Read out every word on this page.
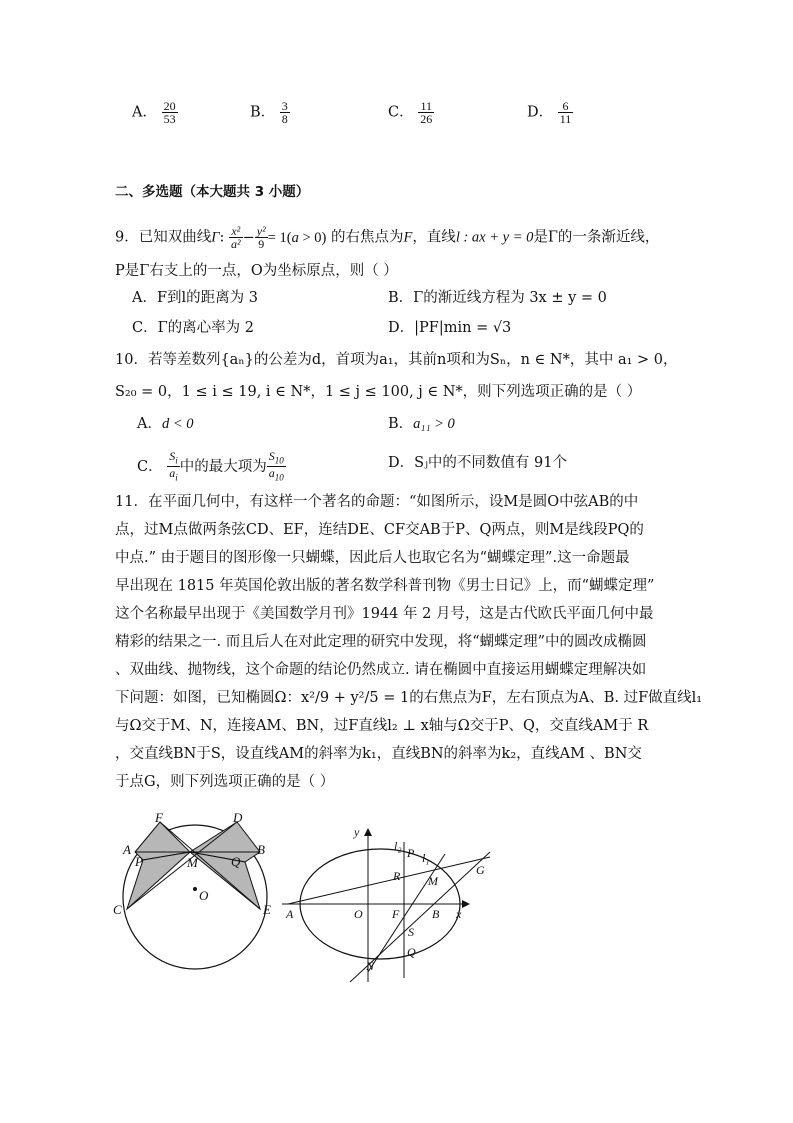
A． $\frac{20}{53}$	B． $\frac{3}{8}$	C． $\frac{11}{26}$	D． $\frac{6}{11}$
二、多选题（本大题共 3 小题）
9．已知双曲线Γ: $\frac{\text{x²}}{\text{a²}} - \frac{\text{y²}}{9} = 1(a > 0)$ 的右焦点为F，直线l : ax + y = 0是Γ的一条渐近线，
P是Γ右支上的一点，O为坐标原点，则（ ）
A．F到l的距离为 3	B．Γ的渐近线方程为 3x ± y = 0
C．Γ的离心率为 2	D．|PF|min = √3
10．若等差数列{aₙ}的公差为d，首项为a₁，其前n项和为Sₙ，n ∈ N*，其中 a₁ > 0，
S₂₀ = 0，1 ≤ i ≤ 19, i ∈ N*，1 ≤ j ≤ 100, j ∈ N*，则下列选项正确的是（ ）
A．d < 0	B．a₁₁ > 0
C． $\frac{S_i}{a_i}$ 中的最大项为 $\frac{S_{10}}{a_{10}}$	D．Sⱼ中的不同数值有 91个
11．在平面几何中，有这样一个著名的命题：“如图所示，设M是圆O中弦AB的中
点，过M点做两条弦CD、EF，连结DE、CF交AB于P、Q两点，则M是线段PQ的
中点.” 由于题目的图形像一只蝴蝶，因此后人也取它名为“蝴蝶定理”.这一命题最
早出现在 1815 年英国伦敦出版的著名数学科普刊物《男士日记》上，而“蝴蝶定理”
这个名称最早出现于《美国数学月刊》1944 年 2 月号，这是古代欧氏平面几何中最
精彩的结果之一. 而且后人在对此定理的研究中发现，将“蝴蝶定理”中的圆改成椭圆
、双曲线、抛物线，这个命题的结论仍然成立. 请在椭圆中直接运用蝴蝶定理解决如
下问题：如图，已知椭圆Ω：x²/9 + y²/5 = 1的右焦点为F，左右顶点为A、B. 过F做直线l₁
与Ω交于M、N，连接AM、BN，过F直线l₂ ⊥ x轴与Ω交于P、Q，交直线AM于 R
，交直线BN于S，设直线AM的斜率为k₁，直线BN的斜率为k₂，直线AM 、BN交
于点G，则下列选项正确的是（ ）
F	D
A	B
P	M	Q
O
C	E
y
l₂
l₁
P
G
R M
A	O F	B x
S
Q
N
